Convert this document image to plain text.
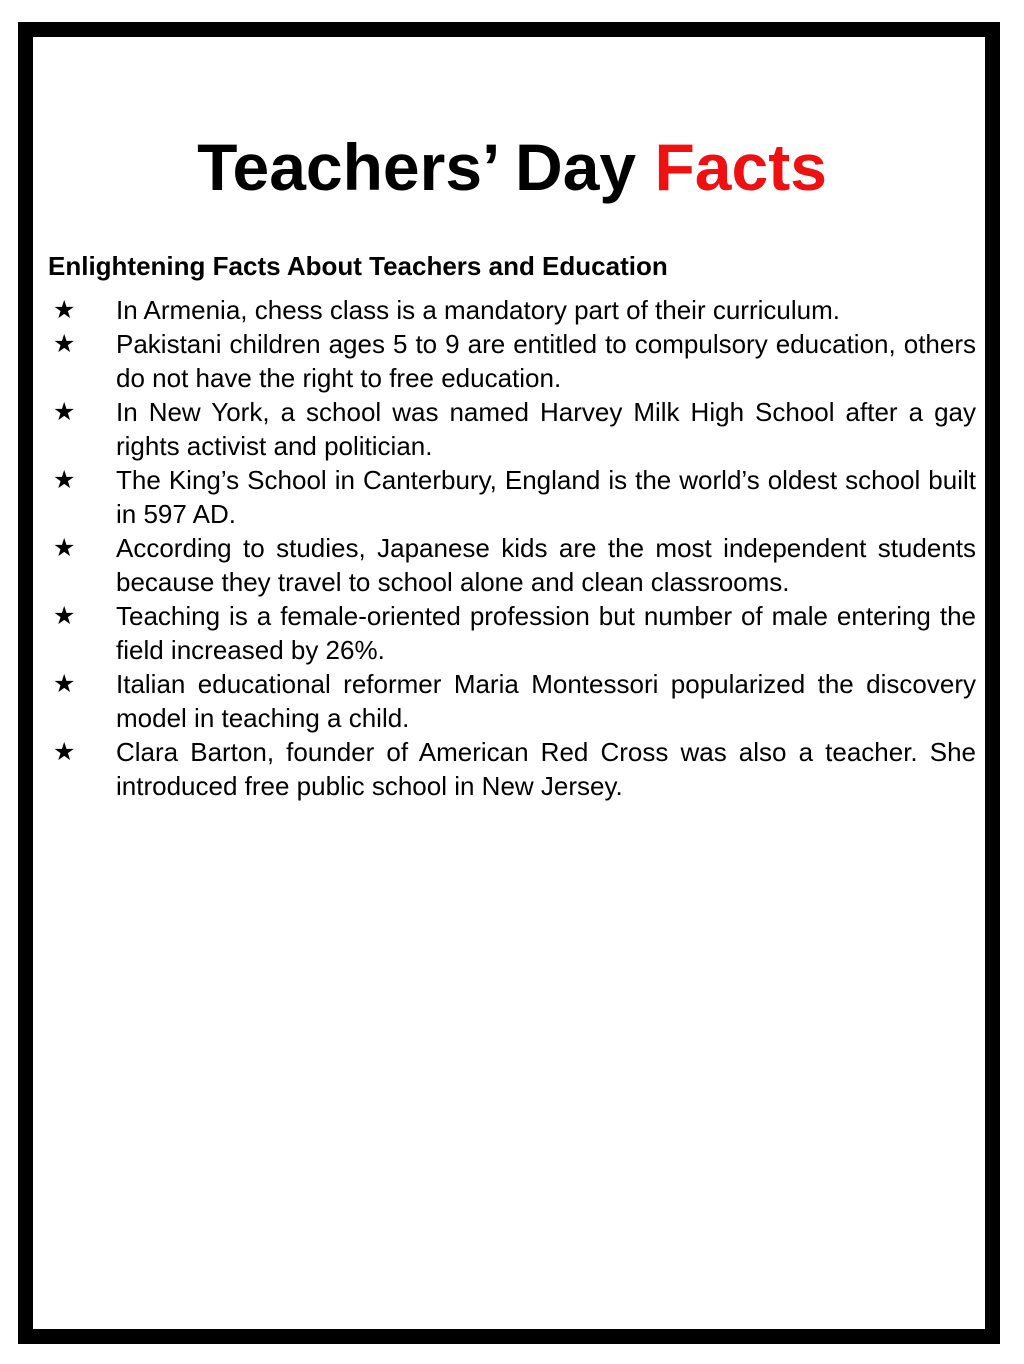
Teachers’ Day Facts
Enlightening Facts About Teachers and Education
★ In Armenia, chess class is a mandatory part of their curriculum.
★ Pakistani children ages 5 to 9 are entitled to compulsory education, others do not have the right to free education.
★ In New York, a school was named Harvey Milk High School after a gay rights activist and politician.
★ The King’s School in Canterbury, England is the world’s oldest school built in 597 AD.
★ According to studies, Japanese kids are the most independent students because they travel to school alone and clean classrooms.
★ Teaching is a female-oriented profession but number of male entering the field increased by 26%.
★ Italian educational reformer Maria Montessori popularized the discovery model in teaching a child.
★ Clara Barton, founder of American Red Cross was also a teacher. She introduced free public school in New Jersey.
